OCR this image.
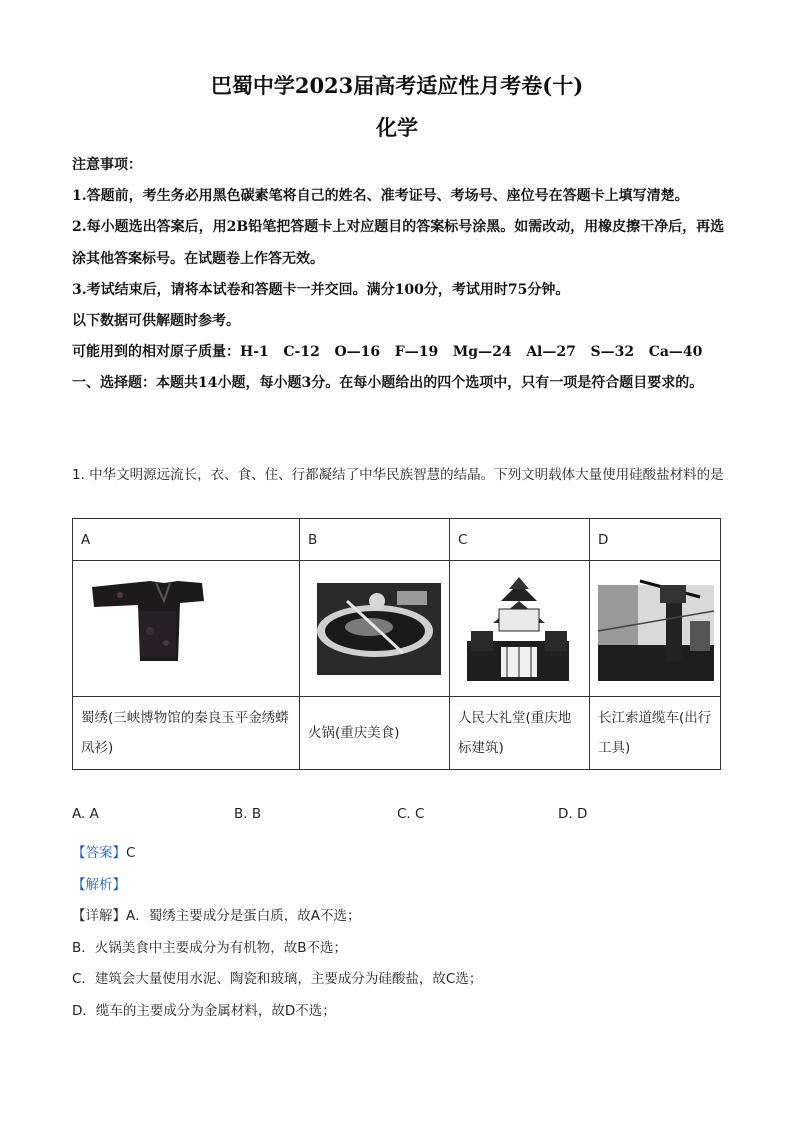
巴蜀中学2023届高考适应性月考卷(十)
化学

注意事项：

1.答题前，考生务必用黑色碳素笔将自己的姓名、准考证号、考场号、座位号在答题卡上填写清楚。

2.每小题选出答案后，用2B铅笔把答题卡上对应题目的答案标号涂黑。如需改动，用橡皮擦干净后，再选涂其他答案标号。在试题卷上作答无效。

3.考试结束后，请将本试卷和答题卡一并交回。满分100分，考试用时75分钟。

以下数据可供解题时参考。

可能用到的相对原子质量：H-1   C-12   O—16   F—19   Mg—24   Al—27   S—32   Ca—40

一、选择题：本题共14小题，每小题3分。在每小题给出的四个选项中，只有一项是符合题目要求的。

1. 中华文明源远流长，衣、食、住、行都凝结了中华民族智慧的结晶。下列文明载体大量使用硅酸盐材料的是
A	B	C	D

蜀绣(三峡博物馆的秦良玉平金绣蟒凤衫)	火锅(重庆美食)	人民大礼堂(重庆地标建筑)	长江索道缆车(出行工具)
A. A	B. B	C. C	D. D

【答案】C

【解析】

【详解】A．蜀绣主要成分是蛋白质，故A不选；

B．火锅美食中主要成分为有机物，故B不选；

C．建筑会大量使用水泥、陶瓷和玻璃，主要成分为硅酸盐，故C选；

D．缆车的主要成分为金属材料，故D不选；
